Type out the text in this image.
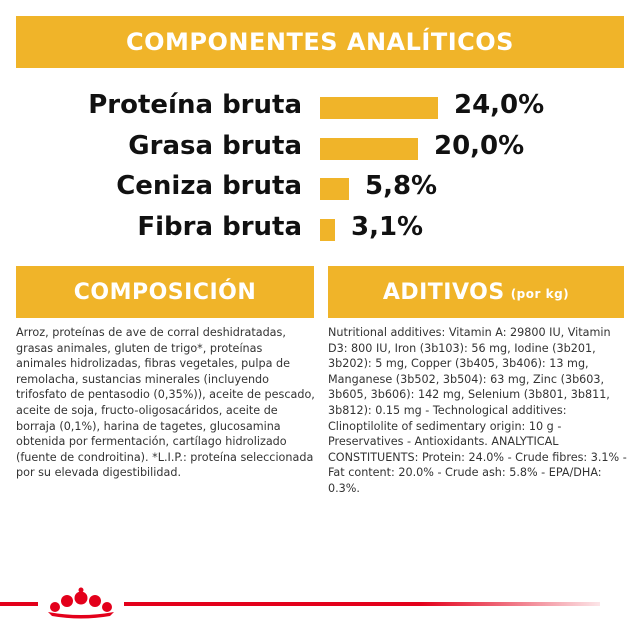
COMPONENTES ANALÍTICOS
Proteína bruta	24,0%
Grasa bruta	20,0%
Ceniza bruta 5,8%
Fibra bruta 3,1%
COMPOSICIÓN
Arroz, proteínas de ave de corral deshidratadas, grasas animales, gluten de trigo*, proteínas animales hidrolizadas, fibras vegetales, pulpa de remolacha, sustancias minerales (incluyendo trifosfato de pentasodio (0,35%)), aceite de pescado, aceite de soja, fructo-oligosacáridos, aceite de borraja (0,1%), harina de tagetes, glucosamina obtenida por fermentación, cartílago hidrolizado (fuente de condroitina). *L.I.P.: proteína seleccionada por su elevada digestibilidad.
ADITIVOS (por kg)
Nutritional additives: Vitamin A: 29800 IU, Vitamin D3: 800 IU, Iron (3b103): 56 mg, Iodine (3b201, 3b202): 5 mg, Copper (3b405, 3b406): 13 mg, Manganese (3b502, 3b504): 63 mg, Zinc (3b603, 3b605, 3b606): 142 mg, Selenium (3b801, 3b811, 3b812): 0.15 mg - Technological additives: Clinoptilolite of sedimentary origin: 10 g - Preservatives - Antioxidants. ANALYTICAL CONSTITUENTS: Protein: 24.0% - Crude fibres: 3.1% - Fat content: 20.0% - Crude ash: 5.8% - EPA/DHA: 0.3%.
